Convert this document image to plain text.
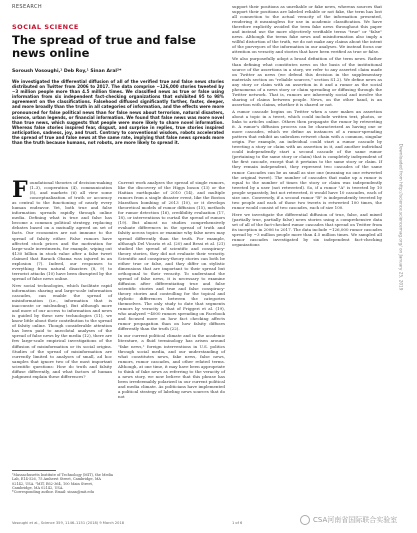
RESEARCH
SOCIAL SCIENCE
The spread of true and false news online
Soroush Vosoughi,¹ Deb Roy,¹ Sinan Aral²*

We investigated the differential diffusion of all of the verified true and false news stories distributed on Twitter from 2006 to 2017. The data comprise ~126,000 stories tweeted by ~3 million people more than 4.5 million times. We classified news as true or false using information from six independent fact-checking organizations that exhibited 95 to 98% agreement on the classifications. Falsehood diffused significantly farther, faster, deeper, and more broadly than the truth in all categories of information, and the effects were more pronounced for false political news than for false news about terrorism, natural disasters, science, urban legends, or financial information. We found that false news was more novel than true news, which suggests that people were more likely to share novel information. Whereas false stories inspired fear, disgust, and surprise in replies, true stories inspired anticipation, sadness, joy, and trust. Contrary to conventional wisdom, robots accelerated the spread of true and false news at the same rate, implying that false news spreads more than the truth because humans, not robots, are more likely to spread it.

Foundational theories of decision-making (1–3), cooperation (4), communication (5), and markets (6) all view some conceptualization of truth or accuracy as central to the functioning of nearly every human endeavor. Yet, both true and false information spreads rapidly through online media. Defining what is true and false has become a common political strategy, replacing debates based on a mutually agreed on set of facts. Our economies are not immune to the spread of falsity either. False rumors have affected stock prices and the motivation for large-scale investments, for example, wiping out $130 billion in stock value after a false tweet claimed that Barack Obama was injured in an explosion (7). Indeed, our responses to everything from natural disasters (8, 9) to terrorist attacks (10) have been disrupted by the spread of false news online.

New social technologies, which facilitate rapid information sharing and large-scale information cascades, can enable the spread of misinformation (i.e., information that is inaccurate or misleading). But although more and more of our access to information and news is guided by these new technologies (11), we know little about their contribution to the spread of falsity online. Though considerable attention has been paid to anecdotal analyses of the spread of false news by the media (12), there are few large-scale empirical investigations of the diffusion of misinformation or its social origins. Studies of the spread of misinformation are currently limited to analyses of small, ad hoc samples that ignore two of the most important scientific questions: How do truth and falsity diffuse differently, and what factors of human judgment explain these differences?

Current work analyzes the spread of single rumors, like the discovery of the Higgs boson (13) or the Haitian earthquake of 2010 (14), and multiple rumors from a single disaster event, like the Boston Marathon bombing of 2013 (10), or it develops theoretical models of rumor diffusion (15), methods for rumor detection (16), credibility evaluation (17, 18), or interventions to curtail the spread of rumors (19). But almost no studies comprehensively evaluate differences in the spread of truth and falsity across topics or examine why false news may spread differently than the truth. For example, although Del Vicario et al. (20) and Bessi et al. (21) studied the spread of scientific and conspiracy-theory stories, they did not evaluate their veracity. Scientific and conspiracy-theory stories can both be either true or false, and they differ on stylistic dimensions that are important to their spread but orthogonal to their veracity. To understand the spread of false news, it is necessary to examine diffusion after differentiating true and false scientific stories and true and false conspiracy-theory stories and controlling for the topical and stylistic differences between the categories themselves. The only study to date that segments rumors by veracity is that of Friggeri et al. (19), who analyzed ~4000 rumors spreading on Facebook and focused more on how fact checking affects rumor propagation than on how falsity diffuses differently than the truth (22).

In our current political climate and in the academic literature, a fluid terminology has arisen around "fake news," foreign interventions in U.S. politics through social media, and our understanding of what constitutes news, fake news, false news, rumors, rumor cascades, and other related terms. Although, at one time, it may have been appropriate to think of fake news as referring to the veracity of a news story, we now believe that this phrase has been irredeemably polarized in our current political and media climate. As politicians have implemented a political strategy of labeling news sources that do not

support their positions as unreliable or fake news, whereas sources that support their positions are labeled reliable or not fake, the term has lost all connection to the actual veracity of the information presented, rendering it meaningless for use in academic classification. We have therefore explicitly avoided the term fake news throughout this paper and instead use the more objectively verifiable terms "true" or "false" news. Although the terms fake news and misinformation also imply a willful distortion of the truth, we do not make any claims about the intent of the purveyors of the information in our analyses. We instead focus our attention on veracity and stories that have been verified as true or false.

We also purposefully adopt a broad definition of the term news. Rather than defining what constitutes news on the basis of the institutional source of the assertions in a story, we refer to any asserted claim made on Twitter as news (we defend this decision in the supplementary materials section on "reliable sources," section S1.2). We define news as any story or claim with an assertion in it and a rumor as the social phenomena of a news story or claim spreading or diffusing through the Twitter network. That is, rumors are inherently social and involve the sharing of claims between people. News, on the other hand, is an assertion with claims, whether it is shared or not.

A rumor cascade begins on Twitter when a user makes an assertion about a topic in a tweet, which could include written text, photos, or links to articles online. Others then propagate the rumor by retweeting it. A rumor's diffusion process can be characterized as having one or more cascades, which we define as instances of a rumor-spreading pattern that exhibit an unbroken retweet chain with a common, singular origin. For example, an individual could start a rumor cascade by tweeting a story or claim with an assertion in it, and another individual could independently start a second cascade of the same rumor (pertaining to the same story or claim) that is completely independent of the first cascade, except that it pertains to the same story or claim. If they remain independent, they represent two cascades of the same rumor. Cascades can be as small as size one (meaning no one retweeted the original tweet). The number of cascades that make up a rumor is equal to the number of times the story or claim was independently tweeted by a user (not retweeted). So, if a rumor "A" is tweeted by 10 people separately, but not retweeted, it would have 10 cascades, each of size one. Conversely, if a second rumor "B" is independently tweeted by two people and each of those two tweets is retweeted 100 times, the rumor would consist of two cascades, each of size 100.

Here we investigate the differential diffusion of true, false, and mixed (partially true, partially false) news stories using a comprehensive data set of all of the fact-checked rumor cascades that spread on Twitter from its inception in 2006 to 2017. The data include ~126,000 rumor cascades spread by ~3 million people more than 4.5 million times. We sampled all rumor cascades investigated by six independent fact-checking organizations

¹Massachusetts Institute of Technology (MIT), the Media Lab, E14-526, 75 Amherst Street, Cambridge, MA 02142, USA. ²MIT, E62-364, 100 Main Street, Cambridge, MA 02142, USA.
*Corresponding author. Email: sinan@mit.edu
Vosoughi et al., Science 359, 1146–1151 (2018) 9 March 2018	1 of 6
Downloaded from http://science.sciencemag.org/ on January 25, 2019
CSA河南省国际联合实验室
